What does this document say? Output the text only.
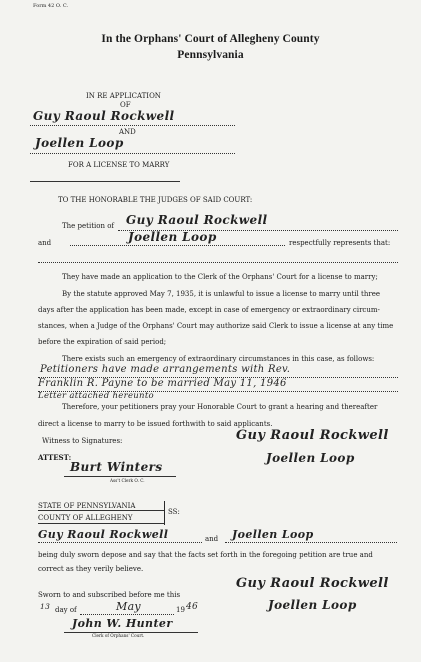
Form 42 O. C.
In the Orphans' Court of Allegheny County
Pennsylvania
IN RE APPLICATION
OF
Guy Raoul Rockwell
AND
Joellen Loop
FOR A LICENSE TO MARRY
TO THE HONORABLE THE JUDGES OF SAID COURT:
The petition of Guy Raoul Rockwell
and	Joellen Loop	respectfully represents that:
They have made an application to the Clerk of the Orphans' Court for a license to marry;
By the statute approved May 7, 1935, it is unlawful to issue a license to marry until three
days after the application has been made, except in case of emergency or extraordinary circum-
stances, when a Judge of the Orphans' Court may authorize said Clerk to issue a license at any time
before the expiration of said period;
There exists such an emergency of extraordinary circumstances in this case, as follows:
Petitioners have made arrangements with Rev.
Franklin R. Payne to be married May 11, 1946
Letter attached hereunto
Therefore, your petitioners pray your Honorable Court to grant a hearing and thereafter
direct a license to marry to be issued forthwith to said applicants.
Witness to Signatures:	Guy Raoul Rockwell
Joellen Loop
ATTEST:
Burt Winters
Ass't Clerk O. C.
STATE OF PENNSYLVANIA
SS:
COUNTY OF ALLEGHENY
Guy Raoul Rockwell	and Joellen Loop
being duly sworn depose and say that the facts set forth in the foregoing petition are true and
correct as they verily believe.
Sworn to and subscribed before me this
13 day of	May	19 46
John W. Hunter
Clerk of Orphans' Court.
Guy Raoul Rockwell
Joellen Loop
